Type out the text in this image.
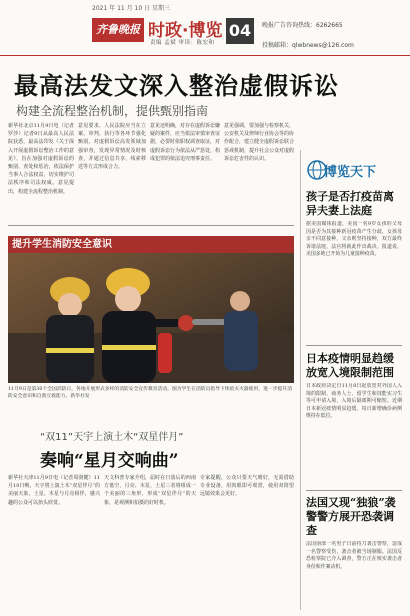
2021 年 11 月 10 日 星期三
齐鲁晚报 时政·博览
责编 孟斌 审读：陈宏和
04	晚报广告咨询热线：6262665
投稿邮箱：qlwbnews@126.com
最高法发文深入整治虚假诉讼
构建全流程整治机制，提供甄别指南
新华社北京11月9日电（记者罗沙）记者9日从最高人民法院获悉，最高法印发《关于深入开展虚假诉讼整治工作的意见》，旨在加强对虚假诉讼的甄别、查处和惩治，依法保护当事人合法权益，切实维护司法秩序和司法权威。意见提出，构建全流程整治机制。
意见要求，人民法院应当在立案、审判、执行等各环节强化甄别，对虚假诉讼高发领域加强审查，发现异常情况及时核查，并通过信息共享、线索移送等方式形成合力。
意见还明确，对存在虚假诉讼嫌疑的案件，应当依法审慎审查证据，必要时依职权调查取证，对虚假诉讼行为依法从严惩处，构成犯罪的依法追究刑事责任。
意见强调，要加强与检察机关、公安机关及律师行业协会等的协作配合，建立健全虚假诉讼联合惩戒机制，提升社会公众对虚假诉讼危害性的认识。
提升学生消防安全意识
11月9日是第30个全国消防日，各地开展形式多样的消防安全宣传教育活动。图为学生在消防员指导下体验灭火器使用，进一步提升消防安全意识和自救互救能力。新华社发
“双11”天宇上演土木“双星伴月”
奏响“星月交响曲”
新华社天津11月9日电（记者周润健）11月10日晚，天宇将上演土木“双星伴月”的美丽天象，土星、木星与月亮相伴，感兴趣的公众可以抬头欣赏。
天文科普专家介绍，届时在日落后的西南方低空，月亮、木星、土星三者将组成一个美丽的三角形，形成“双星伴月”的天象，是观测和拍摄的好时机。
专家提醒，公众只要天气晴好，无需借助专业设备，用肉眼即可观赏，使用双筒望远镜效果会更好。
博览天下
孩子是否打疫苗离异夫妻上法庭
据美国媒体报道，美国一名9岁女孩的父母因是否为其接种新冠疫苗产生分歧，女孩母亲不同意接种，父亲则坚持接种，双方最终诉诸法庭，法官将就此作出裁决。报道说，美国多地已开始为儿童接种疫苗。
日本疫情明显趋缓放宽入境限制范围
日本政府决定自11月8日起放宽对外国人入境的限制，商务人士、留学生和技能实习生等可申请入境，入境后隔离期可缩短。近期日本新冠疫情明显趋缓，每日新增确诊病例维持在低位。
法国又现“独狼”袭警警方展开恐袭调查
法国南部一名男子日前持刀袭击警察，造成一名警察受伤，袭击者被当场制服。法国反恐检察院已介入调查，警方正在核实袭击者身份和作案动机。
